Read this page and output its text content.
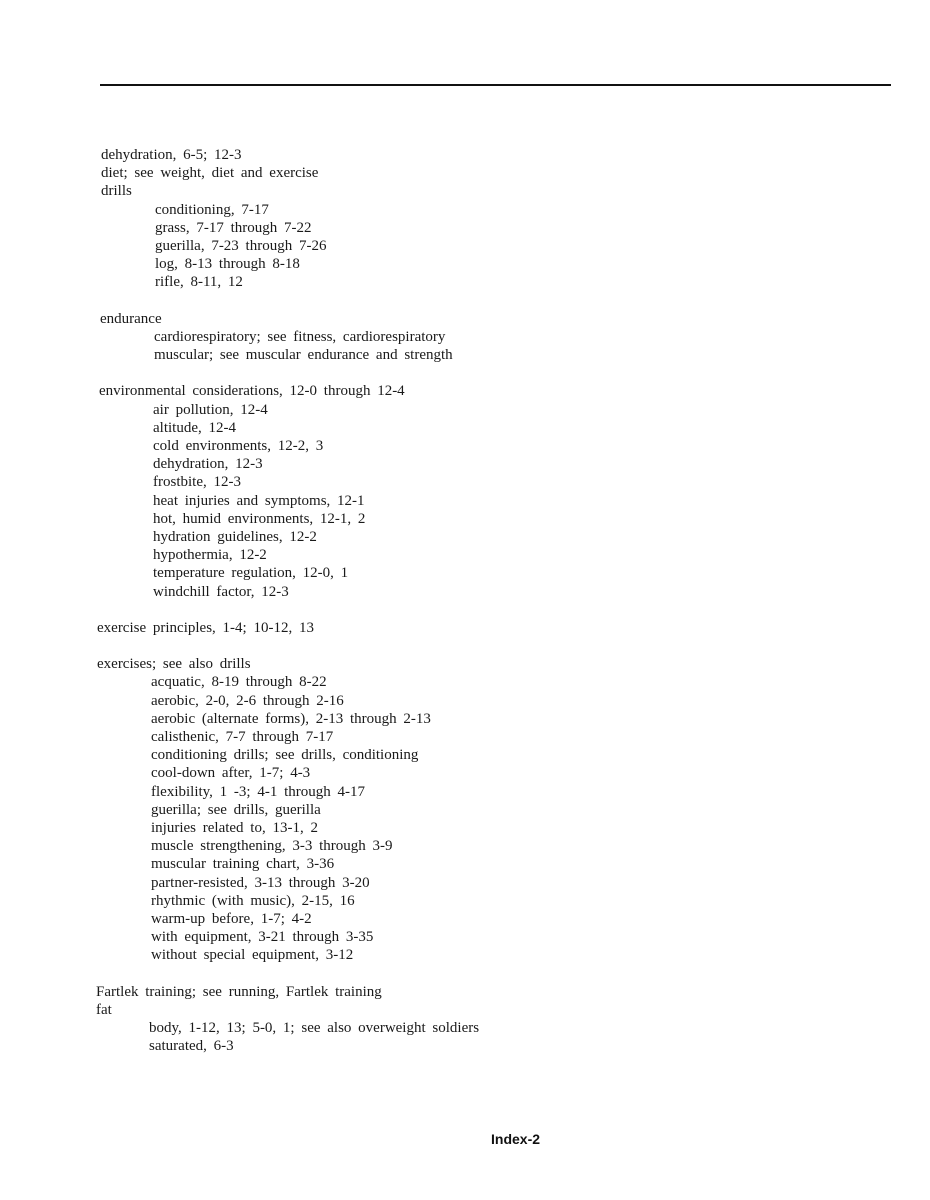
dehydration, 6-5; 12-3
diet; see weight, diet and exercise
drills
conditioning, 7-17
grass, 7-17 through 7-22
guerilla, 7-23 through 7-26
log, 8-13 through 8-18
rifle, 8-11, 12
endurance
cardiorespiratory; see fitness, cardiorespiratory
muscular; see muscular endurance and strength
environmental considerations, 12-0 through 12-4
air pollution, 12-4
altitude, 12-4
cold environments, 12-2, 3
dehydration, 12-3
frostbite, 12-3
heat injuries and symptoms, 12-1
hot, humid environments, 12-1, 2
hydration guidelines, 12-2
hypothermia, 12-2
temperature regulation, 12-0, 1
windchill factor, 12-3
exercise principles, 1-4; 10-12, 13
exercises; see also drills
acquatic, 8-19 through 8-22
aerobic, 2-0, 2-6 through 2-16
aerobic (alternate forms), 2-13 through 2-13
calisthenic, 7-7 through 7-17
conditioning drills; see drills, conditioning
cool-down after, 1-7; 4-3
flexibility, 1 -3; 4-1 through 4-17
guerilla; see drills, guerilla
injuries related to, 13-1, 2
muscle strengthening, 3-3 through 3-9
muscular training chart, 3-36
partner-resisted, 3-13 through 3-20
rhythmic (with music), 2-15, 16
warm-up before, 1-7; 4-2
with equipment, 3-21 through 3-35
without special equipment, 3-12
Fartlek training; see running, Fartlek training
fat
body, 1-12, 13; 5-0, 1; see also overweight soldiers
saturated, 6-3
Index-2
